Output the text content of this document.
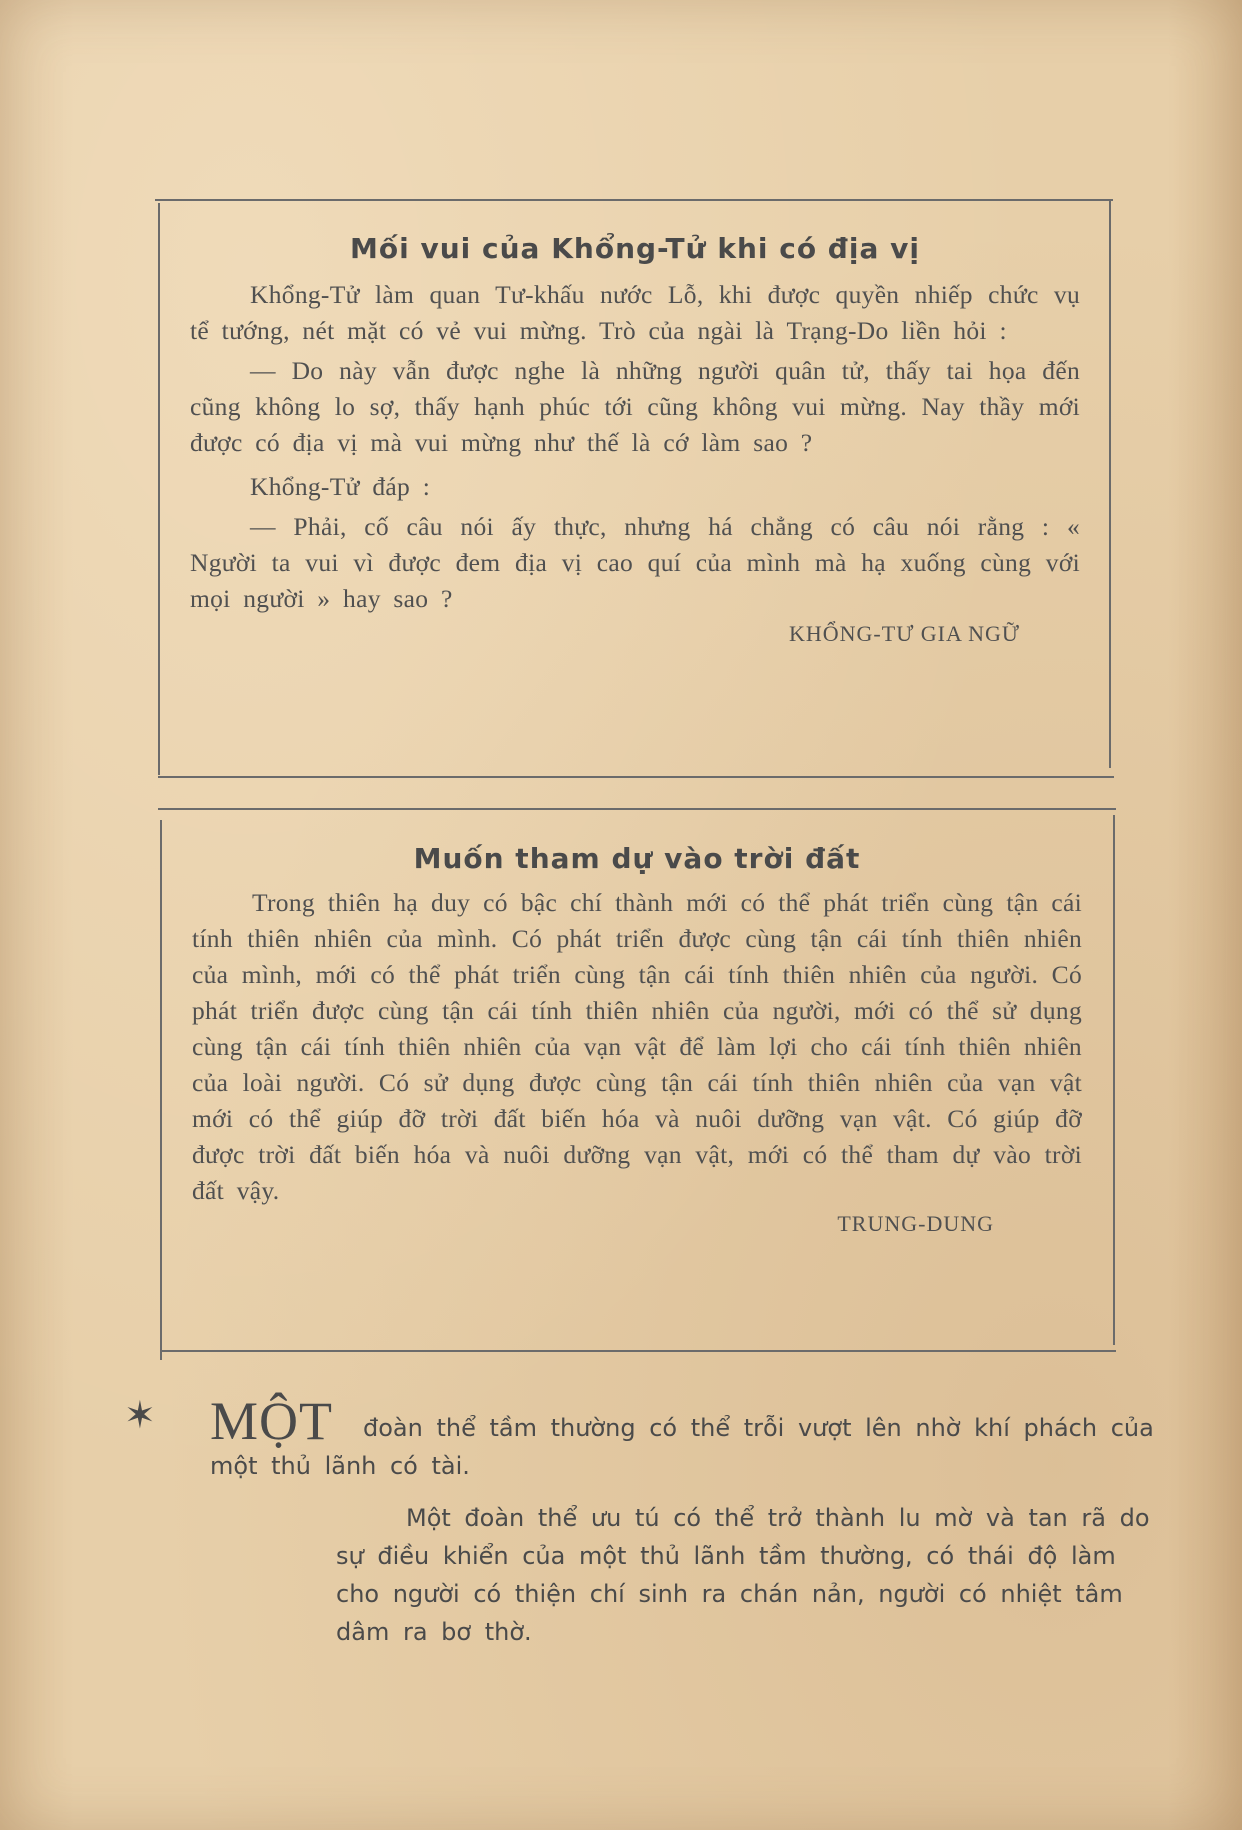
Mối vui của Khổng-Tử khi có địa vị

Khổng-Tử làm quan Tư-khấu nước Lỗ, khi được quyền nhiếp chức vụ tể tướng, nét mặt có vẻ vui mừng. Trò của ngài là Trạng-Do liền hỏi :

— Do này vẫn được nghe là những người quân tử, thấy tai họa đến cũng không lo sợ, thấy hạnh phúc tới cũng không vui mừng. Nay thầy mới được có địa vị mà vui mừng như thế là cớ làm sao ?

Khổng-Tử đáp :

— Phải, cố câu nói ấy thực, nhưng há chẳng có câu nói rằng : « Người ta vui vì được đem địa vị cao quí của mình mà hạ xuống cùng với mọi người » hay sao ?

KHỔNG-TƯ GIA NGỮ

Muốn tham dự vào trời đất

Trong thiên hạ duy có bậc chí thành mới có thể phát triển cùng tận cái tính thiên nhiên của mình. Có phát triển được cùng tận cái tính thiên nhiên của mình, mới có thể phát triển cùng tận cái tính thiên nhiên của người. Có phát triển được cùng tận cái tính thiên nhiên của người, mới có thể sử dụng cùng tận cái tính thiên nhiên của vạn vật để làm lợi cho cái tính thiên nhiên của loài người. Có sử dụng được cùng tận cái tính thiên nhiên của vạn vật mới có thể giúp đỡ trời đất biến hóa và nuôi dưỡng vạn vật. Có giúp đỡ được trời đất biến hóa và nuôi dưỡng vạn vật, mới có thể tham dự vào trời đất vậy.

TRUNG-DUNG

✶ MỘT	đoàn thể tầm thường có thể trỗi vượt lên nhờ khí phách của một thủ lãnh có tài.

Một đoàn thể ưu tú có thể trở thành lu mờ và tan rã do sự điều khiển của một thủ lãnh tầm thường, có thái độ làm cho người có thiện chí sinh ra chán nản, người có nhiệt tâm dâm ra bơ thờ.
